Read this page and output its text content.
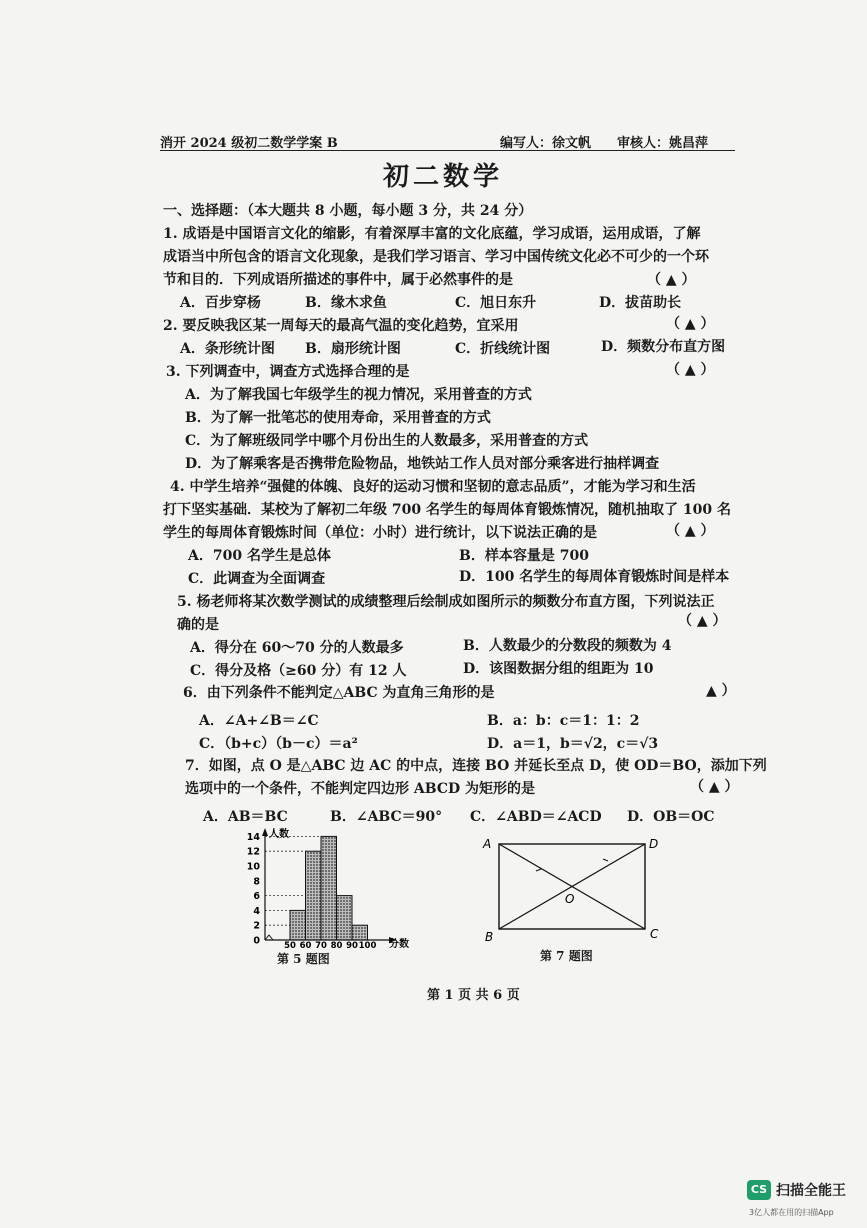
消开 2024 级初二数学学案 B	编写人：徐文帆 审核人：姚昌萍
初二数学
一、选择题：（本大题共 8 小题，每小题 3 分，共 24 分）
1. 成语是中国语言文化的缩影，有着深厚丰富的文化底蕴，学习成语，运用成语，了解
成语当中所包含的语言文化现象，是我们学习语言、学习中国传统文化必不可少的一个环
节和目的．下列成语所描述的事件中，属于必然事件的是	（ ▲ ）
A．百步穿杨	B．缘木求鱼	C．旭日东升	D．拔苗助长
2. 要反映我区某一周每天的最高气温的变化趋势，宜采用	（ ▲ ）
A．条形统计图 B．扇形统计图	C．折线统计图	D．频数分布直方图
3. 下列调查中，调查方式选择合理的是	（ ▲ ）
A．为了解我国七年级学生的视力情况，采用普查的方式
B．为了解一批笔芯的使用寿命，采用普查的方式
C．为了解班级同学中哪个月份出生的人数最多，采用普查的方式
D．为了解乘客是否携带危险物品，地铁站工作人员对部分乘客进行抽样调查
4. 中学生培养“强健的体魄、良好的运动习惯和坚韧的意志品质”，才能为学习和生活
打下坚实基础．某校为了解初二年级 700 名学生的每周体育锻炼情况，随机抽取了 100 名
学生的每周体育锻炼时间（单位：小时）进行统计，以下说法正确的是	（ ▲ ）
A．700 名学生是总体	B．样本容量是 700
C．此调查为全面调查	D．100 名学生的每周体育锻炼时间是样本
5. 杨老师将某次数学测试的成绩整理后绘制成如图所示的频数分布直方图，下列说法正
确的是	（ ▲ ）
A．得分在 60～70 分的人数最多	B．人数最少的分数段的频数为 4
C．得分及格（≥60 分）有 12 人	D．该图数据分组的组距为 10
6．由下列条件不能判定△ABC 为直角三角形的是	▲ ）
A．∠A+∠B＝∠C	B．a：b：c＝1：1：2
C．（b+c）（b－c）＝a²	D．a＝1，b＝√2，c＝√3
7．如图，点 O 是△ABC 边 AC 的中点，连接 BO 并延长至点 D，使 OD＝BO，添加下列
选项中的一个条件，不能判定四边形 ABCD 为矩形的是	（ ▲ ）
A．AB＝BC	B．∠ABC＝90° C．∠ABD＝∠ACD D．OB＝OC
人数
分数
0
2
4
6
8
10
12
14
50 60 70 80 90 100
第 5 题图
A	D
B	C
O
第 7 题图
第 1 页 共 6 页
CS 扫描全能王
3亿人都在用的扫描App
